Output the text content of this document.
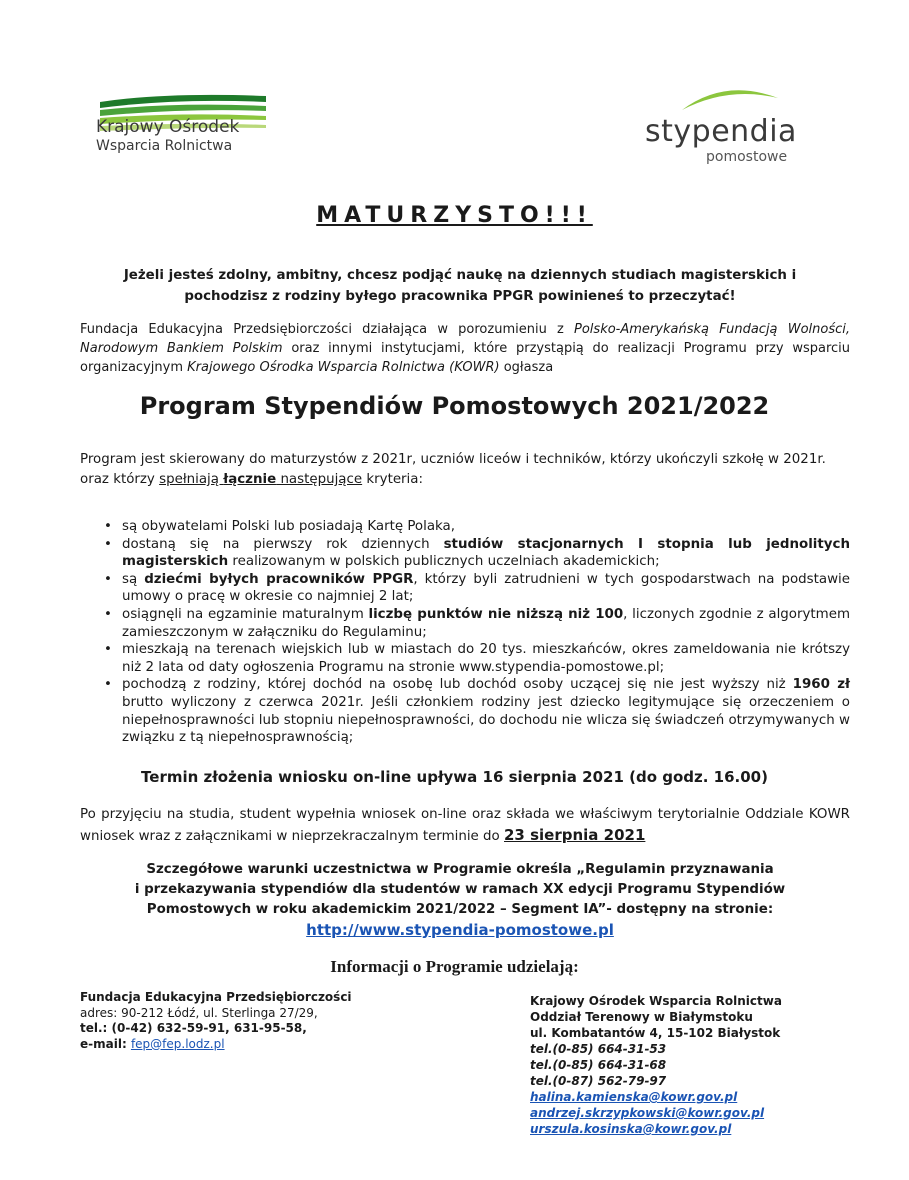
Krajowy Ośrodek
Wsparcia Rolnictwa	stypendia
pomostowe
MATURZYSTO!!!
Jeżeli jesteś zdolny, ambitny, chcesz podjąć naukę na dziennych studiach magisterskich i
pochodzisz z rodziny byłego pracownika PPGR powinieneś to przeczytać!
Fundacja Edukacyjna Przedsiębiorczości działająca w porozumieniu z Polsko-Amerykańską Fundacją Wolności, Narodowym Bankiem Polskim oraz innymi instytucjami, które przystąpią do realizacji Programu przy wsparciu organizacyjnym Krajowego Ośrodka Wsparcia Rolnictwa (KOWR) ogłasza
Program Stypendiów Pomostowych 2021/2022
Program jest skierowany do maturzystów z 2021r, uczniów liceów i techników, którzy ukończyli szkołę w 2021r. oraz którzy spełniają łącznie następujące kryteria:
• są obywatelami Polski lub posiadają Kartę Polaka,
• dostaną się na pierwszy rok dziennych studiów stacjonarnych I stopnia lub jednolitych magisterskich realizowanym w polskich publicznych uczelniach akademickich;
• są dziećmi byłych pracowników PPGR, którzy byli zatrudnieni w tych gospodarstwach na podstawie umowy o pracę w okresie co najmniej 2 lat;
• osiągnęli na egzaminie maturalnym liczbę punktów nie niższą niż 100, liczonych zgodnie z algorytmem zamieszczonym w załączniku do Regulaminu;
• mieszkają na terenach wiejskich lub w miastach do 20 tys. mieszkańców, okres zameldowania nie krótszy niż 2 lata od daty ogłoszenia Programu na stronie www.stypendia-pomostowe.pl;
• pochodzą z rodziny, której dochód na osobę lub dochód osoby uczącej się nie jest wyższy niż 1960 zł brutto wyliczony z czerwca 2021r. Jeśli członkiem rodziny jest dziecko legitymujące się orzeczeniem o niepełnosprawności lub stopniu niepełnosprawności, do dochodu nie wlicza się świadczeń otrzymywanych w związku z tą niepełnosprawnością;
Termin złożenia wniosku on-line upływa 16 sierpnia 2021 (do godz. 16.00)
Po przyjęciu na studia, student wypełnia wniosek on-line oraz składa we właściwym terytorialnie Oddziale KOWR wniosek wraz z załącznikami w nieprzekraczalnym terminie do 23 sierpnia 2021
Szczegółowe warunki uczestnictwa w Programie określa „Regulamin przyznawania
i przekazywania stypendiów dla studentów w ramach XX edycji Programu Stypendiów
Pomostowych w roku akademickim 2021/2022 – Segment IA”- dostępny na stronie:
http://www.stypendia-pomostowe.pl
Informacji o Programie udzielają:
Fundacja Edukacyjna Przedsiębiorczości
adres: 90-212 Łódź, ul. Sterlinga 27/29,
tel.: (0-42) 632-59-91, 631-95-58,
e-mail: fep@fep.lodz.pl
Krajowy Ośrodek Wsparcia Rolnictwa
Oddział Terenowy w Białymstoku
ul. Kombatantów 4, 15-102 Białystok
tel.(0-85) 664-31-53
tel.(0-85) 664-31-68
tel.(0-87) 562-79-97
halina.kamienska@kowr.gov.pl
andrzej.skrzypkowski@kowr.gov.pl
urszula.kosinska@kowr.gov.pl
